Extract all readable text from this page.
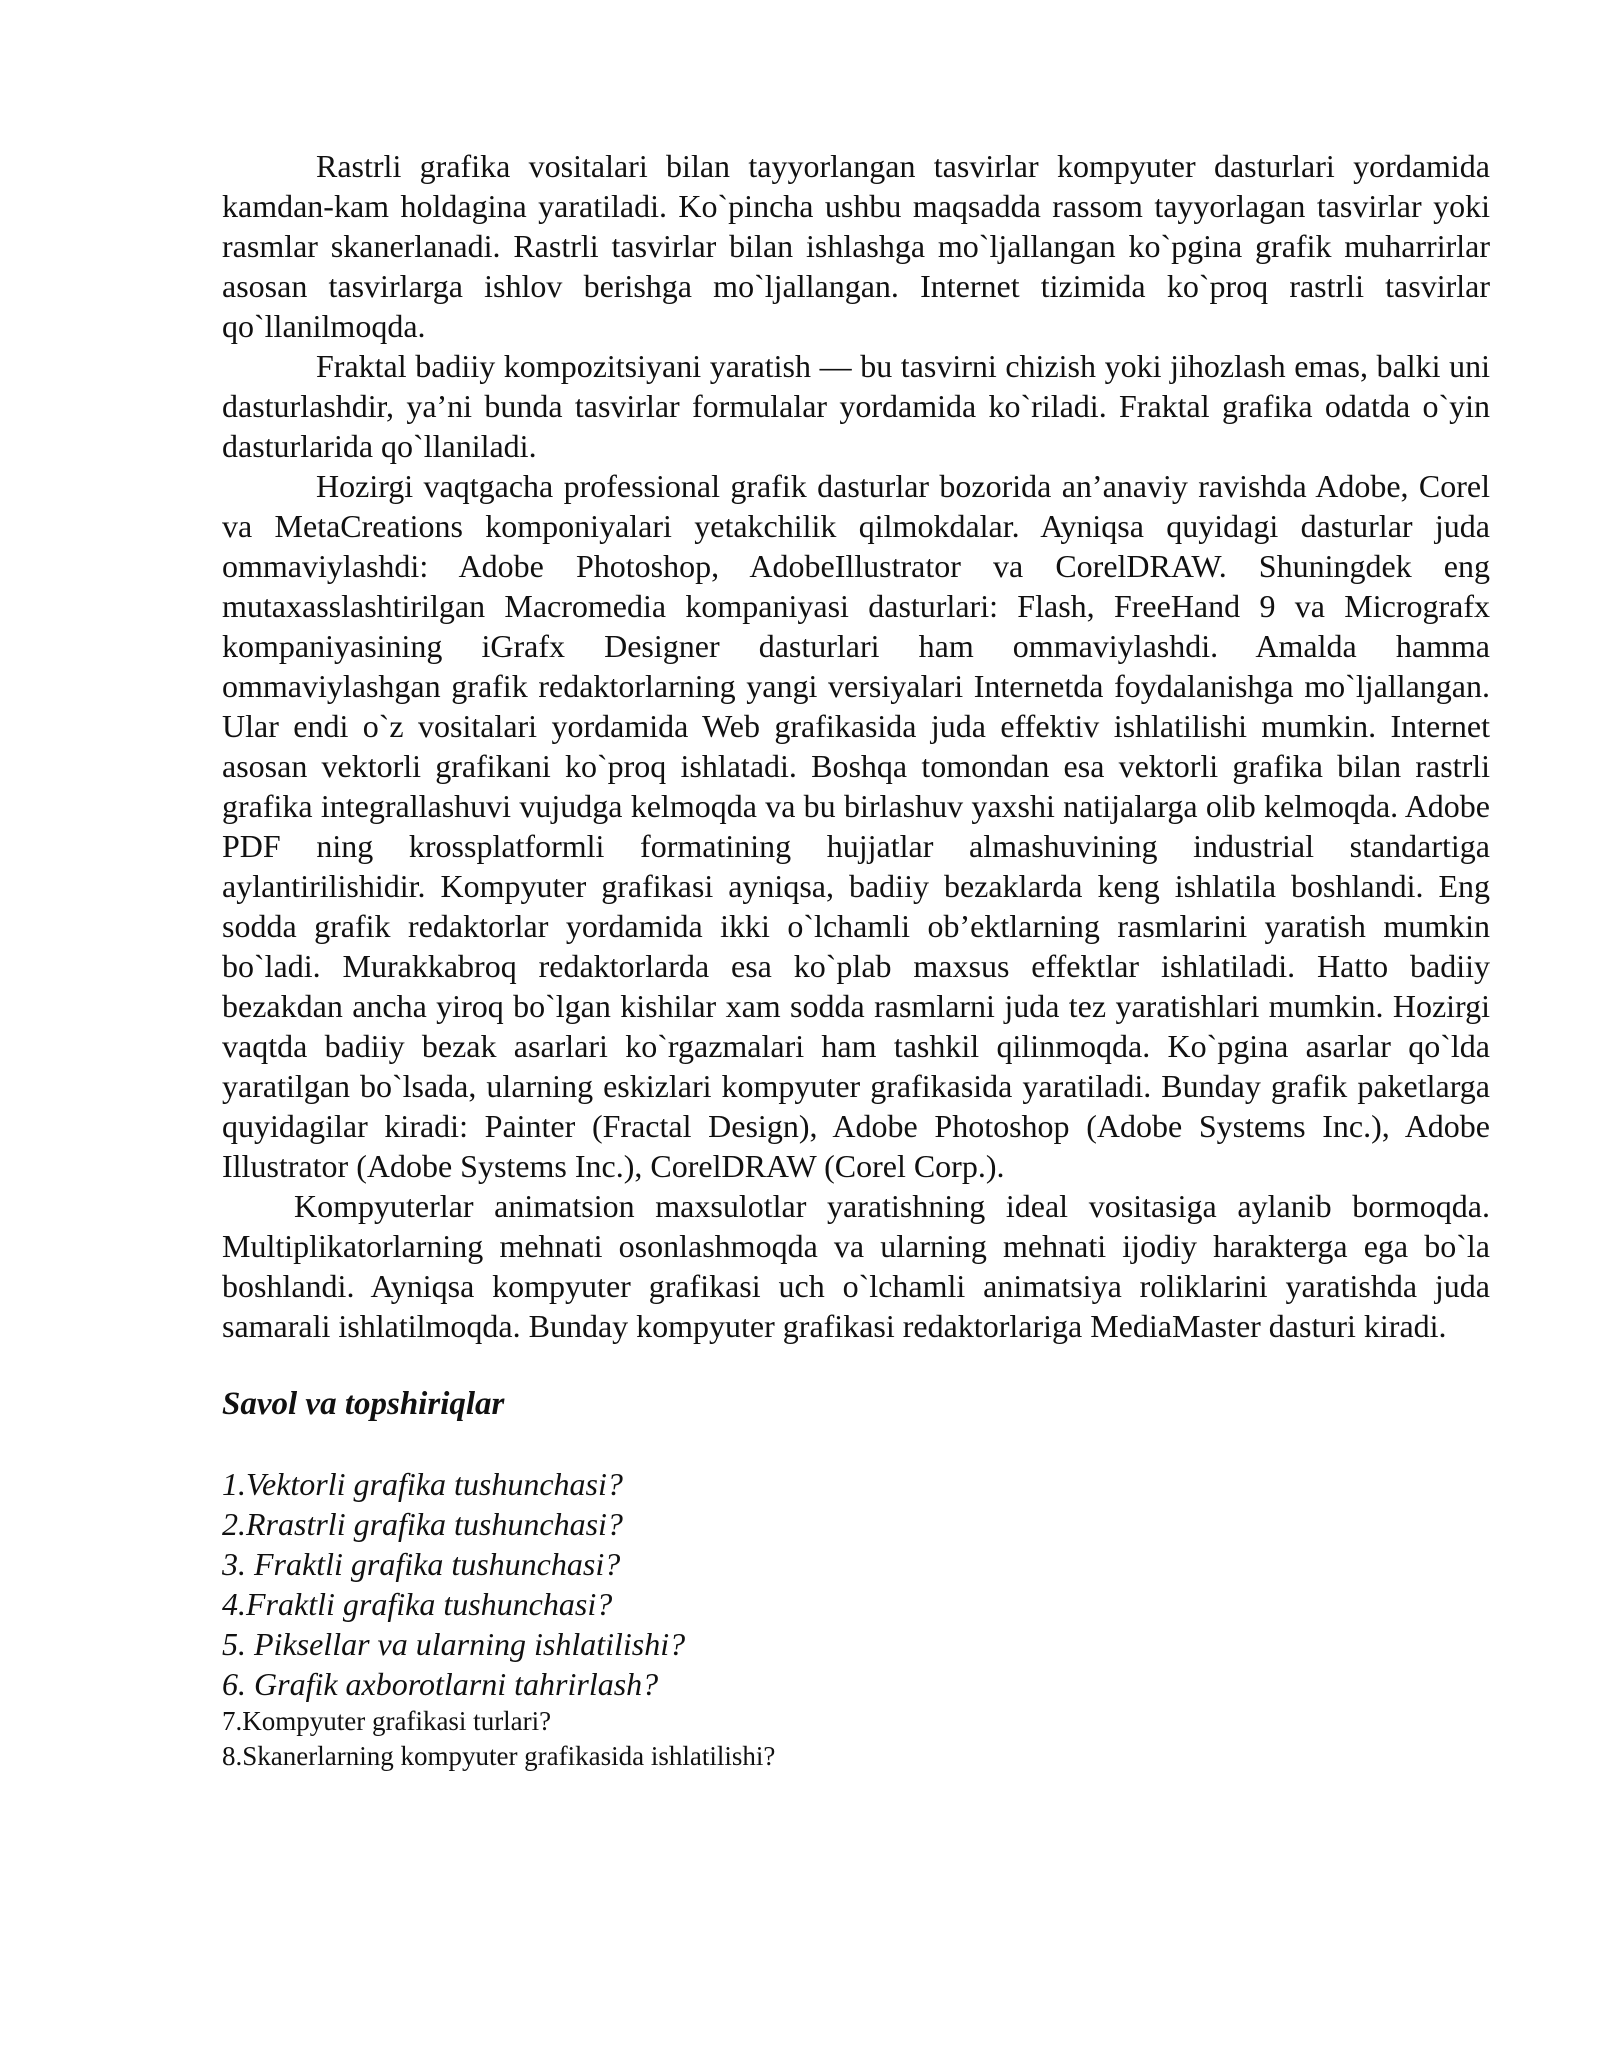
Rastrli grafika vositalari bilan tayyorlangan tasvirlar kompyuter dasturlari yordamida kamdan-kam holdagina yaratiladi. Ko`pincha ushbu maqsadda rassom tayyorlagan tasvirlar yoki rasmlar skanerlanadi. Rastrli tasvirlar bilan ishlashga mo`ljallangan ko`pgina grafik muharrirlar asosan tasvirlarga ishlov berishga mo`ljallangan. Internet tizimida ko`proq rastrli tasvirlar qo`llanilmoqda.

Fraktal badiiy kompozitsiyani yaratish — bu tasvirni chizish yoki jihozlash emas, balki uni dasturlashdir, ya’ni bunda tasvirlar formulalar yordamida ko`riladi. Fraktal grafika odatda o`yin dasturlarida qo`llaniladi.

Hozirgi vaqtgacha professional grafik dasturlar bozorida an’anaviy ravishda Adobe, Corel va MetaCreations komponiyalari yetakchilik qilmokdalar. Ayniqsa quyidagi dasturlar juda ommaviylashdi: Adobe Photoshop, AdobeIllustrator va CorelDRAW. Shuningdek eng mutaxasslashtirilgan Macromedia kompaniyasi dasturlari: Flash, FreeHand 9 va Micrografx kompaniyasining iGrafx Designer dasturlari ham ommaviylashdi. Amalda hamma ommaviylashgan grafik redaktorlarning yangi versiyalari Internetda foydalanishga mo`ljallangan. Ular endi o`z vositalari yordamida Web grafikasida juda effektiv ishlatilishi mumkin. Internet asosan vektorli grafikani ko`proq ishlatadi. Boshqa tomondan esa vektorli grafika bilan rastrli grafika integrallashuvi vujudga kelmoqda va bu birlashuv yaxshi natijalarga olib kelmoqda. Adobe PDF ning krossplatformli formatining hujjatlar almashuvining industrial standartiga aylantirilishidir. Kompyuter grafikasi ayniqsa, badiiy bezaklarda keng ishlatila boshlandi. Eng sodda grafik redaktorlar yordamida ikki o`lchamli ob’ektlarning rasmlarini yaratish mumkin bo`ladi. Murakkabroq redaktorlarda esa ko`plab maxsus effektlar ishlatiladi. Hatto badiiy bezakdan ancha yiroq bo`lgan kishilar xam sodda rasmlarni juda tez yaratishlari mumkin. Hozirgi vaqtda badiiy bezak asarlari ko`rgazmalari ham tashkil qilinmoqda. Ko`pgina asarlar qo`lda yaratilgan bo`lsada, ularning eskizlari kompyuter grafikasida yaratiladi. Bunday grafik paketlarga quyidagilar kiradi: Painter (Fractal Design), Adobe Photoshop (Adobe Systems Inc.), Adobe Illustrator (Adobe Systems Inc.), CorelDRAW (Corel Corp.).

Kompyuterlar animatsion maxsulotlar yaratishning ideal vositasiga aylanib bormoqda. Multiplikatorlarning mehnati osonlashmoqda va ularning mehnati ijodiy harakterga ega bo`la boshlandi. Ayniqsa kompyuter grafikasi uch o`lchamli animatsiya roliklarini yaratishda juda samarali ishlatilmoqda. Bunday kompyuter grafikasi redaktorlariga MediaMaster dasturi kiradi.

Savol va topshiriqlar
1.Vektorli grafika tushunchasi?
2.Rrastrli grafika tushunchasi?
3. Fraktli grafika tushunchasi?
4.Fraktli grafika tushunchasi?
5. Piksellar va ularning ishlatilishi?
6. Grafik axborotlarni tahrirlash?
7.Kompyuter grafikasi turlari?
8.Skanerlarning kompyuter grafikasida ishlatilishi?
